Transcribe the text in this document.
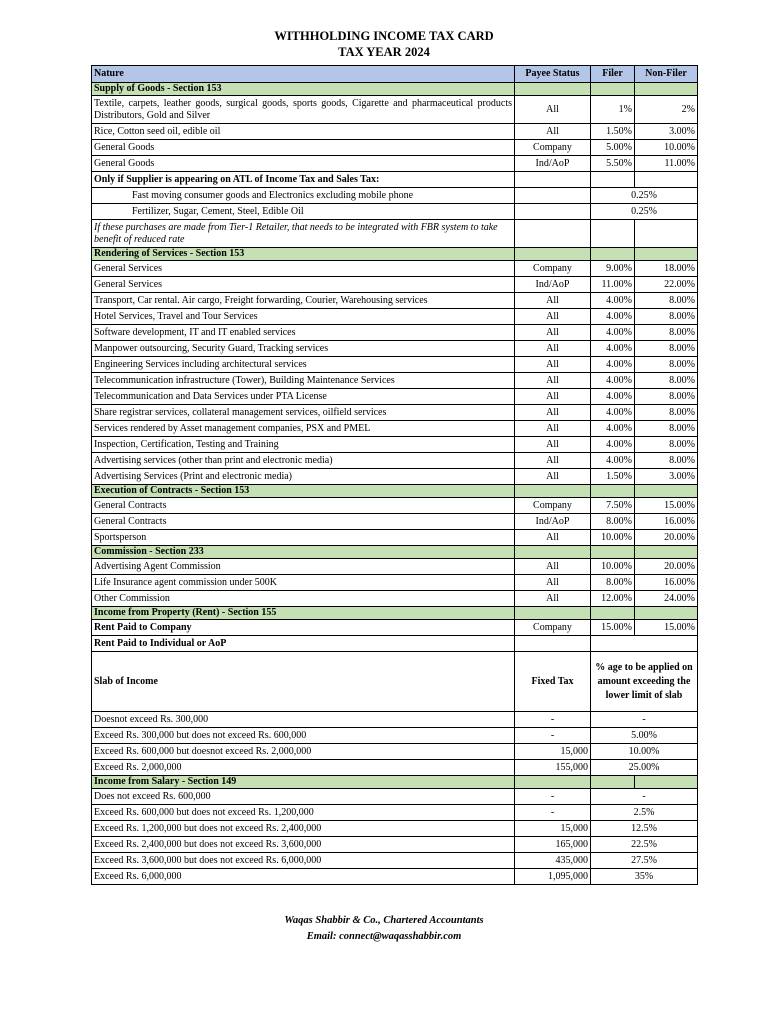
WITHHOLDING INCOME TAX CARD
TAX YEAR 2024
Nature	Payee Status	Filer	Non-Filer
Supply of Goods - Section 153			
Textile, carpets, leather goods, surgical goods, sports goods, Cigarette and pharmaceutical products Distributors, Gold and Silver	All	1%	2%
Rice, Cotton seed oil, edible oil	All	1.50%	3.00%
General Goods	Company	5.00%	10.00%
General Goods	Ind/AoP	5.50%	11.00%
Only if Supplier is appearing on ATL of Income Tax and Sales Tax:			
Fast moving consumer goods and Electronics excluding mobile phone		0.25%	
Fertilizer, Sugar, Cement, Steel, Edible Oil		0.25%	
If these purchases are made from Tier-1 Retailer, that needs to be integrated with FBR system to take benefit of reduced rate			
Rendering of Services - Section 153			
General Services	Company	9.00%	18.00%
General Services	Ind/AoP	11.00%	22.00%
Transport, Car rental. Air cargo, Freight forwarding, Courier, Warehousing services	All	4.00%	8.00%
Hotel Services, Travel and Tour Services	All	4.00%	8.00%
Software development, IT and IT enabled services	All	4.00%	8.00%
Manpower outsourcing, Security Guard, Tracking services	All	4.00%	8.00%
Engineering Services including architectural services	All	4.00%	8.00%
Telecommunication infrastructure (Tower), Building Maintenance Services	All	4.00%	8.00%
Telecommunication and Data Services under PTA License	All	4.00%	8.00%
Share registrar services, collateral management services, oilfield services	All	4.00%	8.00%
Services rendered by Asset management companies, PSX and PMEL	All	4.00%	8.00%
Inspection, Certification, Testing and Training	All	4.00%	8.00%
Advertising services (other than print and electronic media)	All	4.00%	8.00%
Advertising Services (Print and electronic media)	All	1.50%	3.00%
Execution of Contracts - Section 153			
General Contracts	Company	7.50%	15.00%
General Contracts	Ind/AoP	8.00%	16.00%
Sportsperson	All	10.00%	20.00%
Commission - Section 233			
Advertising Agent Commission	All	10.00%	20.00%
Life Insurance agent commission under 500K	All	8.00%	16.00%
Other Commission	All	12.00%	24.00%
Income from Property (Rent) - Section 155			
Rent Paid to Company	Company	15.00%	15.00%
Rent Paid to Individual or AoP			
Slab of Income	Fixed Tax	% age to be applied on amount exceeding the lower limit of slab	
Doesnot exceed Rs. 300,000	-	-	
Exceed Rs. 300,000 but does not exceed Rs. 600,000	-	5.00%	
Exceed Rs. 600,000 but doesnot exceed Rs. 2,000,000	15,000	10.00%	
Exceed Rs. 2,000,000	155,000	25.00%	
Income from Salary - Section 149			
Does not exceed Rs. 600,000	-	-	
Exceed Rs. 600,000 but does not exceed Rs. 1,200,000	-	2.5%	
Exceed Rs. 1,200,000 but does not exceed Rs. 2,400,000	15,000	12.5%	
Exceed Rs. 2,400,000 but does not exceed Rs. 3,600,000	165,000	22.5%	
Exceed Rs. 3,600,000 but does not exceed Rs. 6,000,000	435,000	27.5%	
Exceed Rs. 6,000,000	1,095,000	35%	
Waqas Shabbir & Co., Chartered Accountants
Email: connect@waqasshabbir.com
